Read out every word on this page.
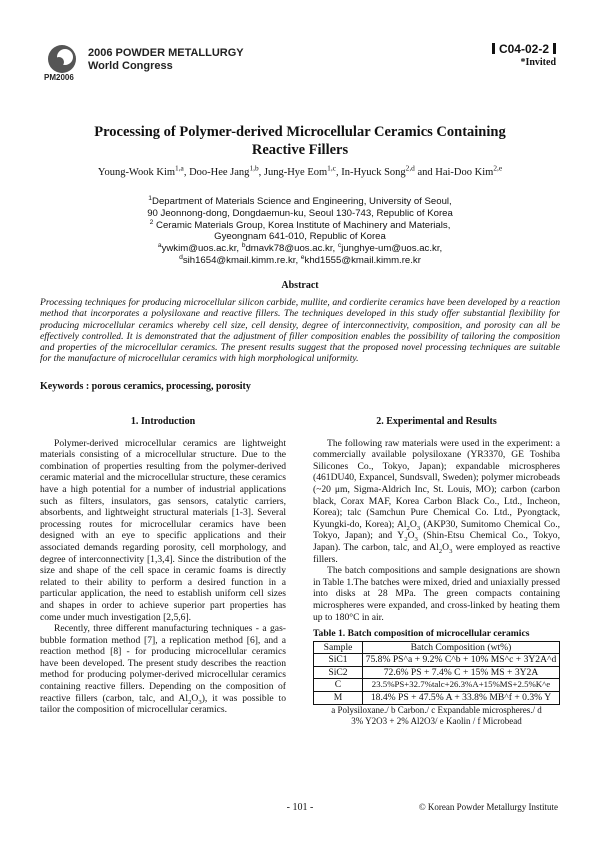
PM2006
2006 POWDER METALLURGY
World Congress
C04-02-2
*Invited
Processing of Polymer-derived Microcellular Ceramics Containing
Reactive Fillers
Young-Wook Kim$^{1,a}$, Doo-Hee Jang$^{1,b}$, Jung-Hye Eom$^{1,c}$, In-Hyuck Song$^{2,d}$ and Hai-Doo Kim$^{2,e}$
$^1$Department of Materials Science and Engineering, University of Seoul,
90 Jeonnong-dong, Dongdaemun-ku, Seoul 130-743, Republic of Korea
$^2$ Ceramic Materials Group, Korea Institute of Machinery and Materials,
Gyeongnam 641-010, Republic of Korea
$^a$ywkim@uos.ac.kr, $^b$dmavk78@uos.ac.kr, $^c$junghye-um@uos.ac.kr,
$^d$sih1654@kmail.kimm.re.kr, $^e$khd1555@kmail.kimm.re.kr
Abstract
Processing techniques for producing microcellular silicon carbide, mullite, and cordierite ceramics have been developed by a reaction method that incorporates a polysiloxane and reactive fillers. The techniques developed in this study offer substantial flexibility for producing microcellular ceramics whereby cell size, cell density, degree of interconnectivity, composition, and porosity can all be effectively controlled. It is demonstrated that the adjustment of filler composition enables the possibility of tailoring the composition and properties of the microcellular ceramics. The present results suggest that the proposed novel processing techniques are suitable for the manufacture of microcellular ceramics with high morphological uniformity.
Keywords : porous ceramics, processing, porosity
1. Introduction

Polymer-derived microcellular ceramics are lightweight materials consisting of a microcellular structure. Due to the combination of properties resulting from the polymer-derived ceramic material and the microcellular structure, these ceramics have a high potential for a number of industrial applications such as filters, insulators, gas sensors, catalytic carriers, absorbents, and lightweight structural materials [1-3]. Several processing routes for microcellular ceramics have been designed with an eye to specific applications and their associated demands regarding porosity, cell morphology, and degree of interconnectivity [1,3,4]. Since the distribution of the size and shape of the cell space in ceramic foams is directly related to their ability to perform a desired function in a particular application, the need to establish uniform cell sizes and shapes in order to achieve superior part properties has come under much investigation [2,5,6].

Recently, three different manufacturing techniques - a gas-bubble formation method [7], a replication method [6], and a reaction method [8] - for producing microcellular ceramics have been developed. The present study describes the reaction method for producing polymer-derived microcellular ceramics containing reactive fillers. Depending on the composition of reactive fillers (carbon, talc, and $Al_2O_3$), it was possible to tailor the composition of microcellular ceramics.

2. Experimental and Results

The following raw materials were used in the experiment: a commercially available polysiloxane (YR3370, GE Toshiba Silicones Co., Tokyo, Japan); expandable microspheres (461DU40, Expancel, Sundsvall, Sweden); polymer microbeads (~20 μm, Sigma-Aldrich Inc, St. Louis, MO); carbon (carbon black, Corax MAF, Korea Carbon Black Co., Ltd., Incheon, Korea); talc (Samchun Pure Chemical Co. Ltd., Pyongtack, Kyungki-do, Korea); $Al_2O_3$ (AKP30, Sumitomo Chemical Co., Tokyo, Japan); and $Y_2O_3$ (Shin-Etsu Chemical Co., Tokyo, Japan). The carbon, talc, and $Al_2O_3$ were employed as reactive fillers.

The batch compositions and sample designations are shown in Table 1.The batches were mixed, dried and uniaxially pressed into disks at 28 MPa. The green compacts containing microspheres were expanded, and cross-linked by heating them up to 180°C in air.

Table 1. Batch composition of microcellular ceramics
Sample	Batch Composition (wt%)
SiC1	75.8% PS^a + 9.2% C^b + 10% MS^c + 3Y2A^d
SiC2	72.6% PS + 7.4% C + 15% MS + 3Y2A
C	23.5%PS+32.7%talc+26.3%A+15%MS+2.5%K^e
M	18.4% PS + 47.5% A + 33.8% MB^f + 0.3% Y
a Polysiloxane./ b Carbon./ c Expandable microspheres./ d
3% Y2O3 + 2% Al2O3/ e Kaolin / f Microbead
- 101 -	© Korean Powder Metallurgy Institute
